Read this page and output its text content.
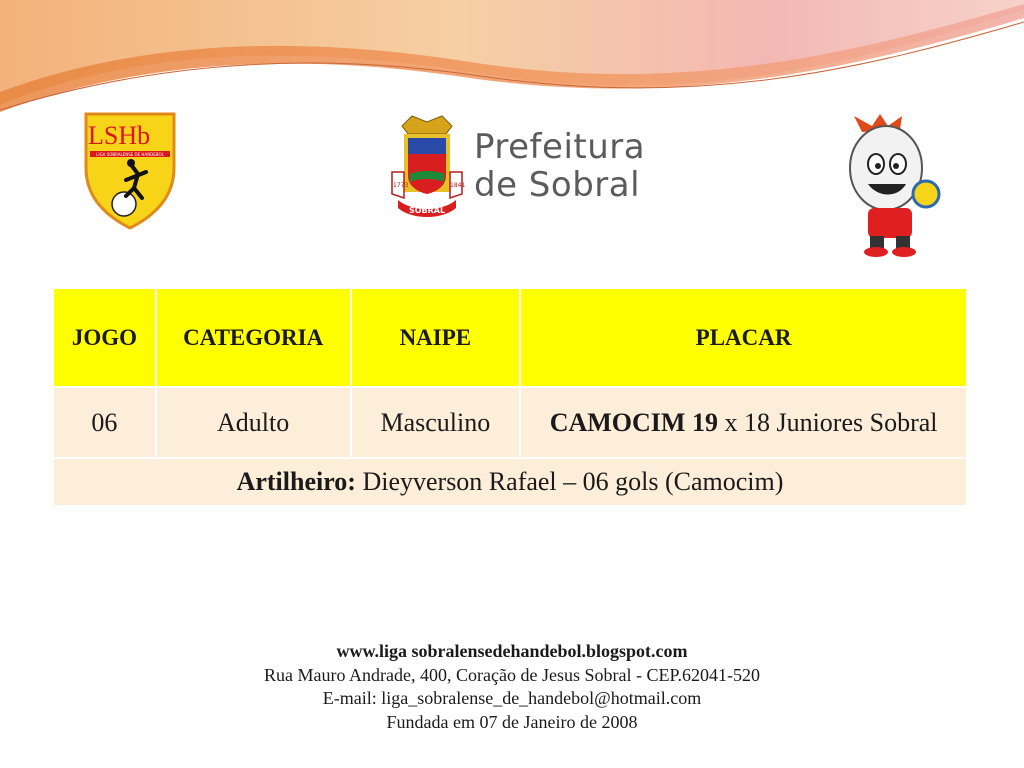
LSHb
LIGA SOBRALENSE DE HANDEBOL
1773	1841
SOBRAL
Prefeitura
de Sobral
JOGO	CATEGORIA	NAIPE	PLACAR
06	Adulto	Masculino	CAMOCIM 19 x 18 Juniores Sobral
Artilheiro: Dieyverson Rafael – 06 gols (Camocim)			
www.liga sobralensedehandebol.blogspot.com
Rua Mauro Andrade, 400, Coração de Jesus Sobral - CEP.62041-520
E-mail: liga_sobralense_de_handebol@hotmail.com
Fundada em 07 de Janeiro de 2008
